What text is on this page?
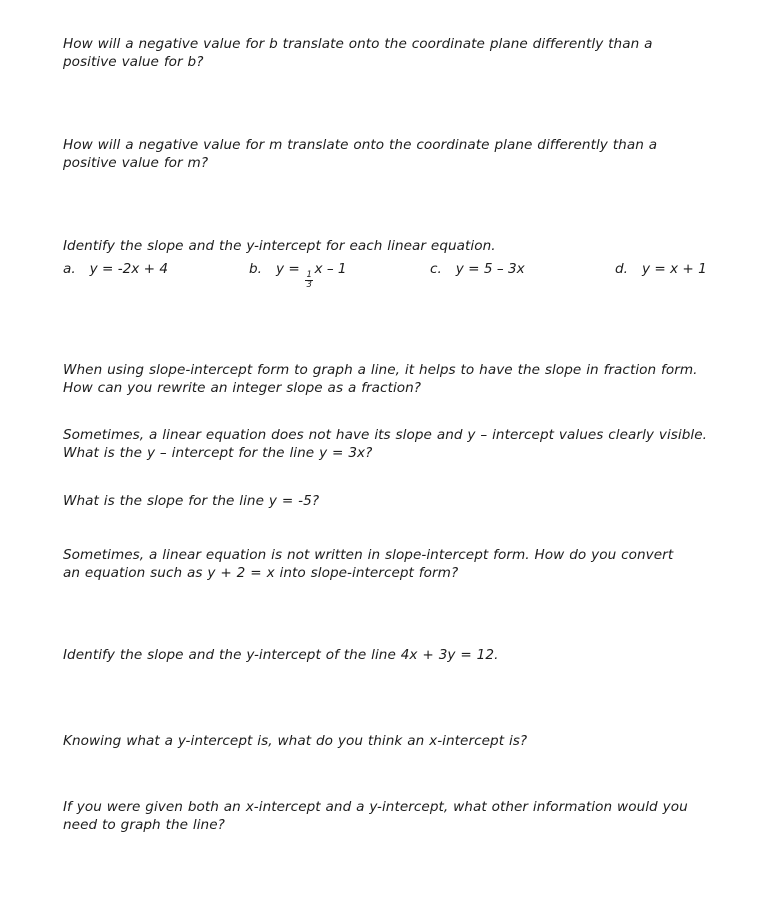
How will a negative value for b translate onto the coordinate plane differently than a
positive value for b?
How will a negative value for m translate onto the coordinate plane differently than a
positive value for m?
Identify the slope and the y-intercept for each linear equation.
a. y = -2x + 4	b. y =
$\frac{1}{3}$
x – 1	c. y = 5 – 3x	d. y = x + 1
When using slope-intercept form to graph a line, it helps to have the slope in fraction form.
How can you rewrite an integer slope as a fraction?
Sometimes, a linear equation does not have its slope and y – intercept values clearly visible.
What is the y – intercept for the line y = 3x?
What is the slope for the line y = -5?
Sometimes, a linear equation is not written in slope-intercept form. How do you convert
an equation such as y + 2 = x into slope-intercept form?
Identify the slope and the y-intercept of the line 4x + 3y = 12.
Knowing what a y-intercept is, what do you think an x-intercept is?
If you were given both an x-intercept and a y-intercept, what other information would you
need to graph the line?
